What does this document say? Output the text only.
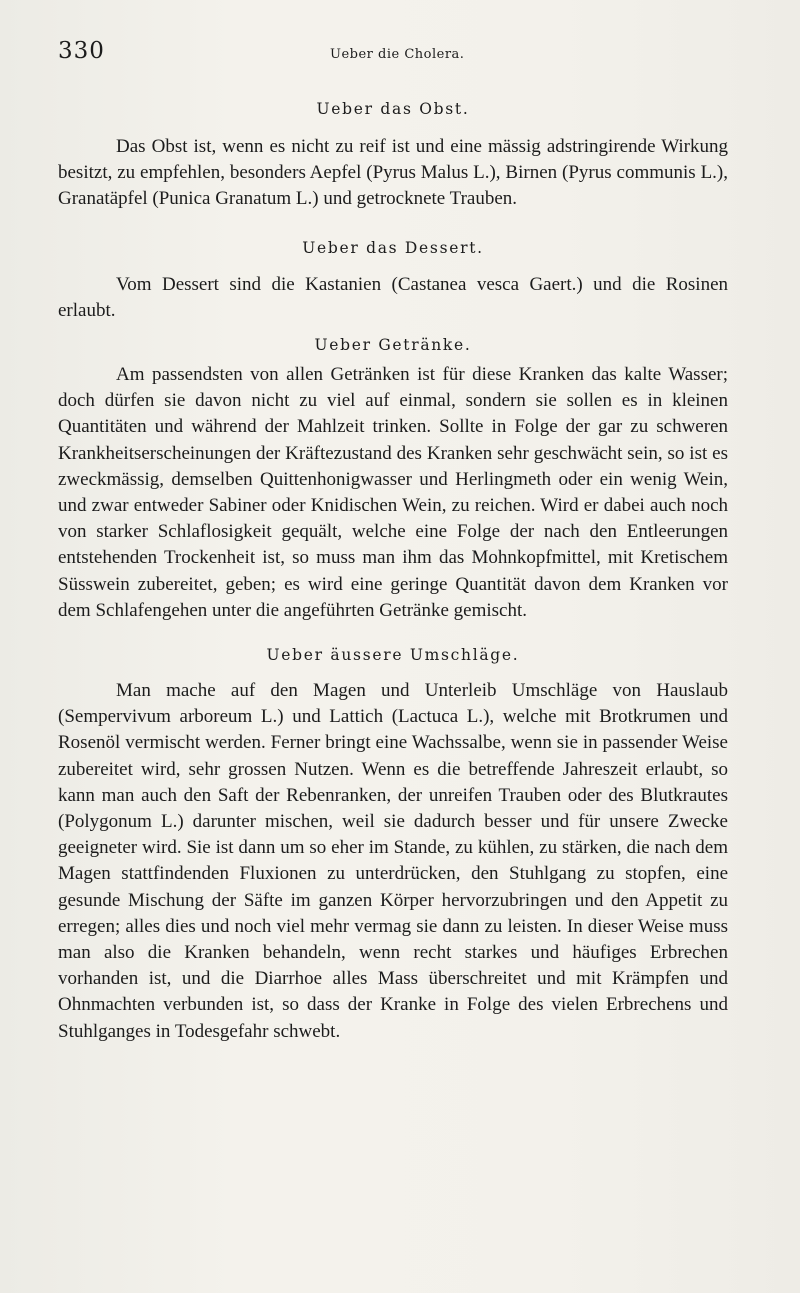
330	Ueber die Cholera.
Ueber das Obst.

Das Obst ist, wenn es nicht zu reif ist und eine mässig adstringirende Wirkung besitzt, zu empfehlen, besonders Aepfel (Pyrus Malus L.), Birnen (Pyrus communis L.), Granatäpfel (Punica Granatum L.) und getrocknete Trauben.

Ueber das Dessert.

Vom Dessert sind die Kastanien (Castanea vesca Gaert.) und die Rosinen erlaubt.

Ueber Getränke.

Am passendsten von allen Getränken ist für diese Kranken das kalte Wasser; doch dürfen sie davon nicht zu viel auf einmal, sondern sie sollen es in kleinen Quantitäten und während der Mahlzeit trinken. Sollte in Folge der gar zu schweren Krankheitserscheinungen der Kräftezustand des Kranken sehr geschwächt sein, so ist es zweckmässig, demselben Quittenhonigwasser und Herlingmeth oder ein wenig Wein, und zwar entweder Sabiner oder Knidischen Wein, zu reichen. Wird er dabei auch noch von starker Schlaflosigkeit gequält, welche eine Folge der nach den Entleerungen entstehenden Trockenheit ist, so muss man ihm das Mohnkopfmittel, mit Kretischem Süsswein zubereitet, geben; es wird eine geringe Quantität davon dem Kranken vor dem Schlafengehen unter die angeführten Getränke gemischt.

Ueber äussere Umschläge.

Man mache auf den Magen und Unterleib Umschläge von Hauslaub (Sempervivum arboreum L.) und Lattich (Lactuca L.), welche mit Brotkrumen und Rosenöl vermischt werden. Ferner bringt eine Wachssalbe, wenn sie in passender Weise zubereitet wird, sehr grossen Nutzen. Wenn es die betreffende Jahreszeit erlaubt, so kann man auch den Saft der Rebenranken, der unreifen Trauben oder des Blutkrautes (Polygonum L.) darunter mischen, weil sie dadurch besser und für unsere Zwecke geeigneter wird. Sie ist dann um so eher im Stande, zu kühlen, zu stärken, die nach dem Magen stattfindenden Fluxionen zu unterdrücken, den Stuhlgang zu stopfen, eine gesunde Mischung der Säfte im ganzen Körper hervorzubringen und den Appetit zu erregen; alles dies und noch viel mehr vermag sie dann zu leisten. In dieser Weise muss man also die Kranken behandeln, wenn recht starkes und häufiges Erbrechen vorhanden ist, und die Diarrhoe alles Mass überschreitet und mit Krämpfen und Ohnmachten verbunden ist, so dass der Kranke in Folge des vielen Erbrechens und Stuhlganges in Todesgefahr schwebt.
